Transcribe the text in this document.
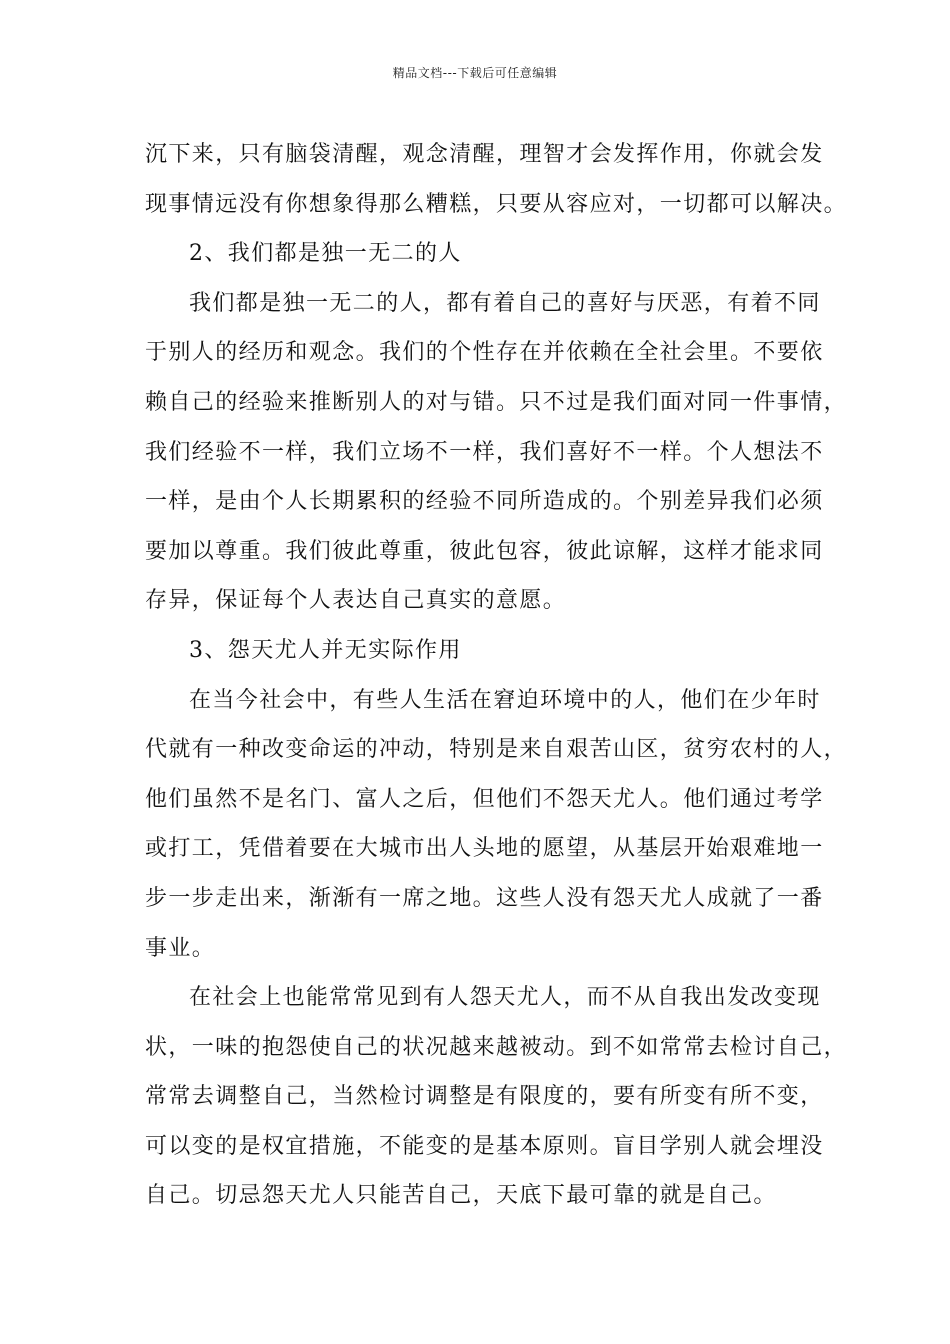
精品文档---下载后可任意编辑
沉下来，只有脑袋清醒，观念清醒，理智才会发挥作用，你就会发
现事情远没有你想象得那么糟糕，只要从容应对，一切都可以解决。
2、我们都是独一无二的人
我们都是独一无二的人，都有着自己的喜好与厌恶，有着不同
于别人的经历和观念。我们的个性存在并依赖在全社会里。不要依
赖自己的经验来推断别人的对与错。只不过是我们面对同一件事情，
我们经验不一样，我们立场不一样，我们喜好不一样。个人想法不
一样，是由个人长期累积的经验不同所造成的。个别差异我们必须
要加以尊重。我们彼此尊重，彼此包容，彼此谅解，这样才能求同
存异，保证每个人表达自己真实的意愿。
3、怨天尤人并无实际作用
在当今社会中，有些人生活在窘迫环境中的人，他们在少年时
代就有一种改变命运的冲动，特别是来自艰苦山区，贫穷农村的人，
他们虽然不是名门、富人之后，但他们不怨天尤人。他们通过考学
或打工，凭借着要在大城市出人头地的愿望，从基层开始艰难地一
步一步走出来，渐渐有一席之地。这些人没有怨天尤人成就了一番
事业。
在社会上也能常常见到有人怨天尤人，而不从自我出发改变现
状，一味的抱怨使自己的状况越来越被动。到不如常常去检讨自己，
常常去调整自己，当然检讨调整是有限度的，要有所变有所不变，
可以变的是权宜措施，不能变的是基本原则。盲目学别人就会埋没
自己。切忌怨天尤人只能苦自己，天底下最可靠的就是自己。
